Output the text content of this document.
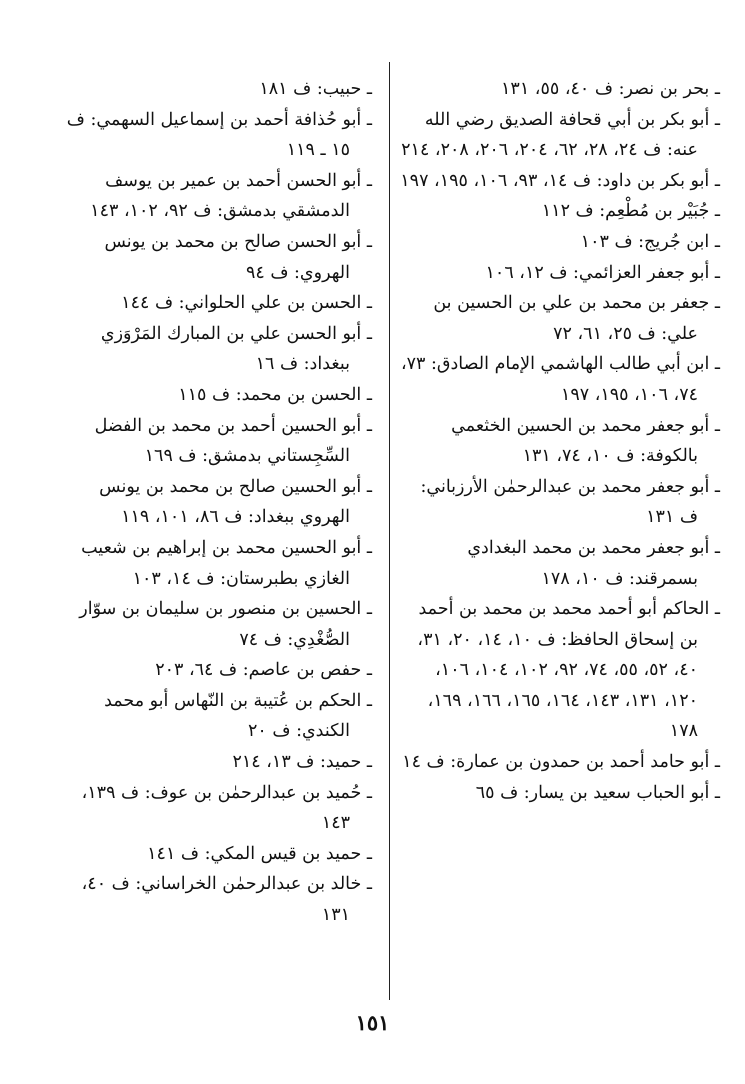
ـ بحر بن نصر: ف ٤٠، ٥٥، ١٣١

ـ أبو بكر بن أبي قحافة الصديق رضي الله عنه: ف ٢٤، ٢٨، ٦٢، ٢٠٤، ٢٠٦، ٢٠٨، ٢١٤

ـ أبو بكر بن داود: ف ١٤، ٩٣، ١٠٦، ١٩٥، ١٩٧

ـ جُبَيْر بن مُطْعِم: ف ١١٢

ـ ابن جُريج: ف ١٠٣

ـ أبو جعفر العزائمي: ف ١٢، ١٠٦

ـ جعفر بن محمد بن علي بن الحسين بن علي: ف ٢٥، ٦١، ٧٢

ـ ابن أبي طالب الهاشمي الإمام الصادق: ٧٣، ٧٤، ١٠٦، ١٩٥، ١٩٧

ـ أبو جعفر محمد بن الحسين الخثعمي بالكوفة: ف ١٠، ٧٤، ١٣١

ـ أبو جعفر محمد بن عبدالرحمٰن الأرزباني: ف ١٣١

ـ أبو جعفر محمد بن محمد البغدادي بسمرقند: ف ١٠، ١٧٨

ـ الحاكم أبو أحمد محمد بن محمد بن أحمد بن إسحاق الحافظ: ف ١٠، ١٤، ٢٠، ٣١، ٤٠، ٥٢، ٥٥، ٧٤، ٩٢، ١٠٢، ١٠٤، ١٠٦، ١٢٠، ١٣١، ١٤٣، ١٦٤، ١٦٥، ١٦٦، ١٦٩، ١٧٨

ـ أبو حامد أحمد بن حمدون بن عمارة: ف ١٤

ـ أبو الحباب سعيد بن يسار: ف ٦٥

ـ حبيب: ف ١٨١

ـ أبو حُذافة أحمد بن إسماعيل السهمي: ف ١٥ ـ ١١٩

ـ أبو الحسن أحمد بن عمير بن يوسف الدمشقي بدمشق: ف ٩٢، ١٠٢، ١٤٣

ـ أبو الحسن صالح بن محمد بن يونس الهروي: ف ٩٤

ـ الحسن بن علي الحلواني: ف ١٤٤

ـ أبو الحسن علي بن المبارك المَرْوَزي ببغداد: ف ١٦

ـ الحسن بن محمد: ف ١١٥

ـ أبو الحسين أحمد بن محمد بن الفضل السِّجِستاني بدمشق: ف ١٦٩

ـ أبو الحسين صالح بن محمد بن يونس الهروي ببغداد: ف ٨٦، ١٠١، ١١٩

ـ أبو الحسين محمد بن إبراهيم بن شعيب الغازي بطبرستان: ف ١٤، ١٠٣

ـ الحسين بن منصور بن سليمان بن سوّار الصُّغْدِي: ف ٧٤

ـ حفص بن عاصم: ف ٦٤، ٢٠٣

ـ الحكم بن عُتيبة بن النّهاس أبو محمد الكندي: ف ٢٠

ـ حميد: ف ١٣، ٢١٤

ـ حُميد بن عبدالرحمٰن بن عوف: ف ١٣٩، ١٤٣

ـ حميد بن قيس المكي: ف ١٤١

ـ خالد بن عبدالرحمٰن الخراساني: ف ٤٠، ١٣١

١٥١
